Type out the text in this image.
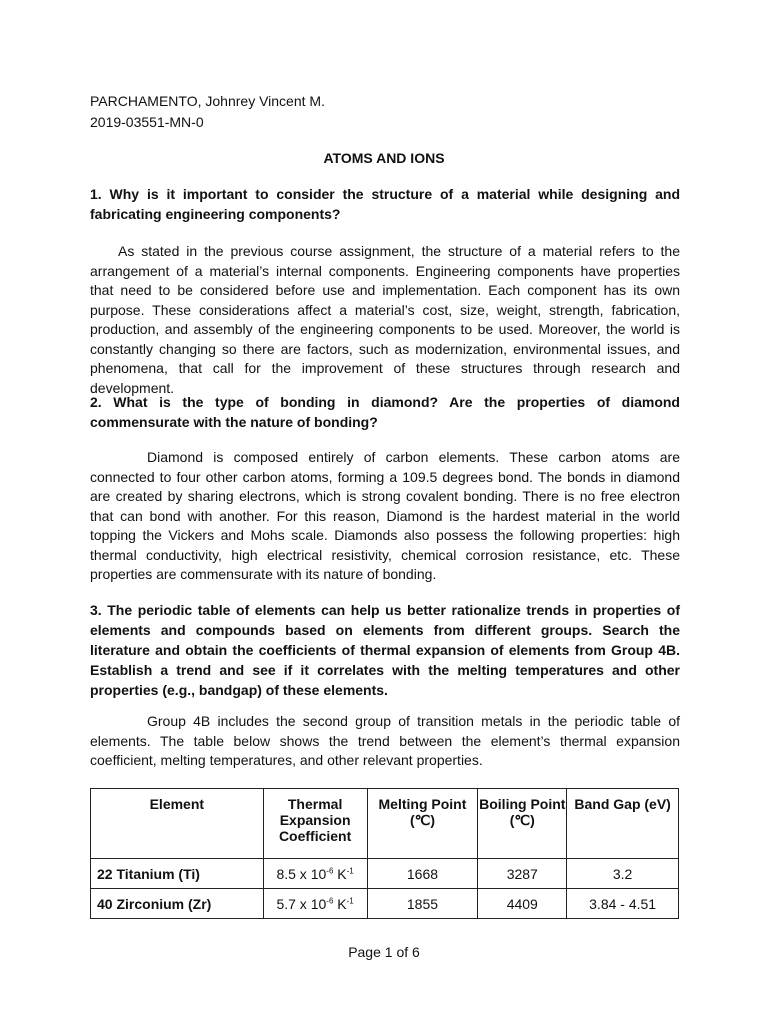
PARCHAMENTO, Johnrey Vincent M.
2019-03551-MN-0
ATOMS AND IONS
1. Why is it important to consider the structure of a material while designing and fabricating engineering components?
As stated in the previous course assignment, the structure of a material refers to the arrangement of a material’s internal components. Engineering components have properties that need to be considered before use and implementation. Each component has its own purpose. These considerations affect a material’s cost, size, weight, strength, fabrication, production, and assembly of the engineering components to be used. Moreover, the world is constantly changing so there are factors, such as modernization, environmental issues, and phenomena, that call for the improvement of these structures through research and development.
2. What is the type of bonding in diamond? Are the properties of diamond commensurate with the nature of bonding?
Diamond is composed entirely of carbon elements. These carbon atoms are connected to four other carbon atoms, forming a 109.5 degrees bond. The bonds in diamond are created by sharing electrons, which is strong covalent bonding. There is no free electron that can bond with another. For this reason, Diamond is the hardest material in the world topping the Vickers and Mohs scale. Diamonds also possess the following properties: high thermal conductivity, high electrical resistivity, chemical corrosion resistance, etc. These properties are commensurate with its nature of bonding.
3. The periodic table of elements can help us better rationalize trends in properties of elements and compounds based on elements from different groups. Search the literature and obtain the coefficients of thermal expansion of elements from Group 4B. Establish a trend and see if it correlates with the melting temperatures and other properties (e.g., bandgap) of these elements.
Group 4B includes the second group of transition metals in the periodic table of elements. The table below shows the trend between the element’s thermal expansion coefficient, melting temperatures, and other relevant properties.
Element	Thermal Expansion Coefficient	Melting Point (℃)	Boiling Point (℃)	Band Gap (eV)
22 Titanium (Ti)	8.5 x $10^{-6}$ $K^{-1}$	1668	3287	3.2
40 Zirconium (Zr)	5.7 x $10^{-6}$ $K^{-1}$	1855	4409	3.84 - 4.51
Page 1 of 6
